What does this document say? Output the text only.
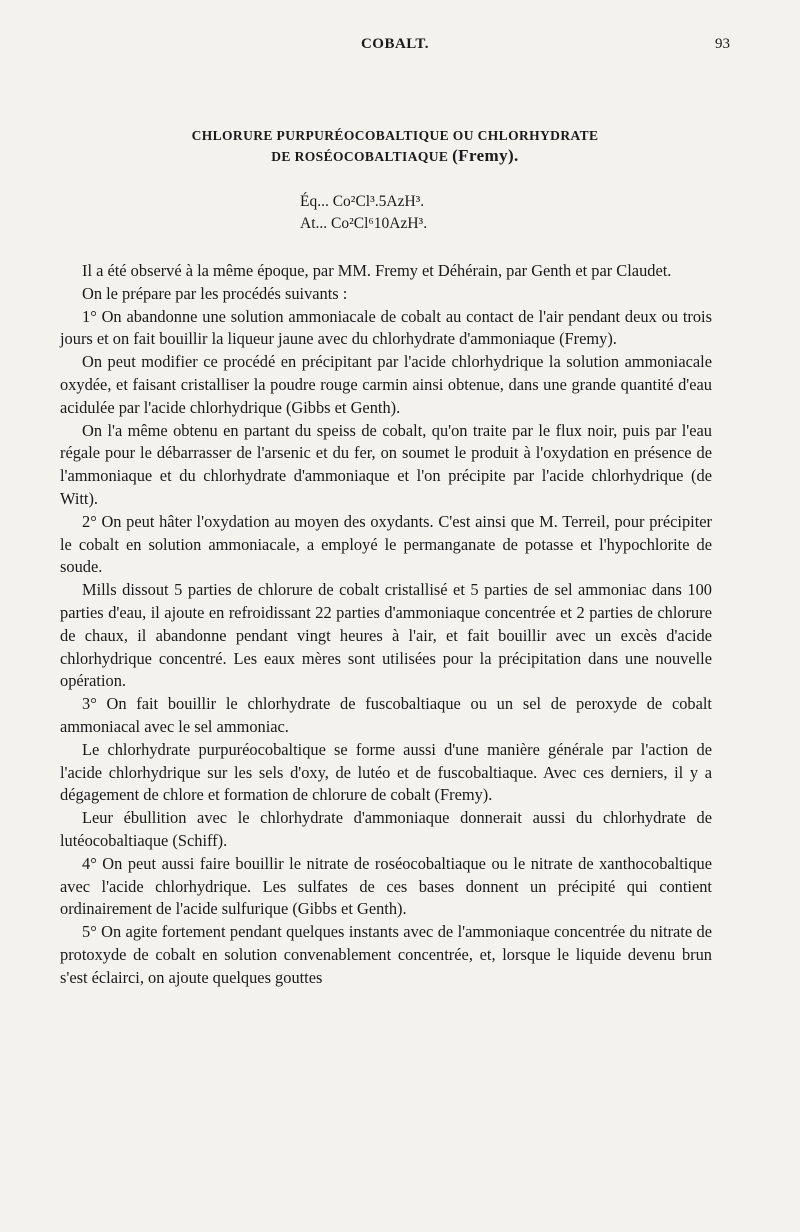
COBALT.	93
CHLORURE PURPURÉOCOBALTIQUE OU CHLORHYDRATE
DE ROSÉOCOBALTIAQUE (Fremy).
Éq... Co²Cl³.5AzH³.
At... Co²Cl⁶10AzH³.

Il a été observé à la même époque, par MM. Fremy et Déhérain, par Genth et par Claudet.

On le prépare par les procédés suivants :

1° On abandonne une solution ammoniacale de cobalt au contact de l'air pendant deux ou trois jours et on fait bouillir la liqueur jaune avec du chlorhydrate d'ammoniaque (Fremy).

On peut modifier ce procédé en précipitant par l'acide chlorhydrique la solution ammoniacale oxydée, et faisant cristalliser la poudre rouge carmin ainsi obtenue, dans une grande quantité d'eau acidulée par l'acide chlorhydrique (Gibbs et Genth).

On l'a même obtenu en partant du speiss de cobalt, qu'on traite par le flux noir, puis par l'eau régale pour le débarrasser de l'arsenic et du fer, on soumet le produit à l'oxydation en présence de l'ammoniaque et du chlorhydrate d'ammoniaque et l'on précipite par l'acide chlorhydrique (de Witt).

2° On peut hâter l'oxydation au moyen des oxydants. C'est ainsi que M. Terreil, pour précipiter le cobalt en solution ammoniacale, a employé le permanganate de potasse et l'hypochlorite de soude.

Mills dissout 5 parties de chlorure de cobalt cristallisé et 5 parties de sel ammoniac dans 100 parties d'eau, il ajoute en refroidissant 22 parties d'ammoniaque concentrée et 2 parties de chlorure de chaux, il abandonne pendant vingt heures à l'air, et fait bouillir avec un excès d'acide chlorhydrique concentré. Les eaux mères sont utilisées pour la précipitation dans une nouvelle opération.

3° On fait bouillir le chlorhydrate de fuscobaltiaque ou un sel de peroxyde de cobalt ammoniacal avec le sel ammoniac.

Le chlorhydrate purpuréocobaltique se forme aussi d'une manière générale par l'action de l'acide chlorhydrique sur les sels d'oxy, de lutéo et de fuscobaltiaque. Avec ces derniers, il y a dégagement de chlore et formation de chlorure de cobalt (Fremy).

Leur ébullition avec le chlorhydrate d'ammoniaque donnerait aussi du chlorhydrate de lutéocobaltiaque (Schiff).

4° On peut aussi faire bouillir le nitrate de roséocobaltiaque ou le nitrate de xanthocobaltique avec l'acide chlorhydrique. Les sulfates de ces bases donnent un précipité qui contient ordinairement de l'acide sulfurique (Gibbs et Genth).

5° On agite fortement pendant quelques instants avec de l'ammoniaque concentrée du nitrate de protoxyde de cobalt en solution convenablement concentrée, et, lorsque le liquide devenu brun s'est éclairci, on ajoute quelques gouttes
